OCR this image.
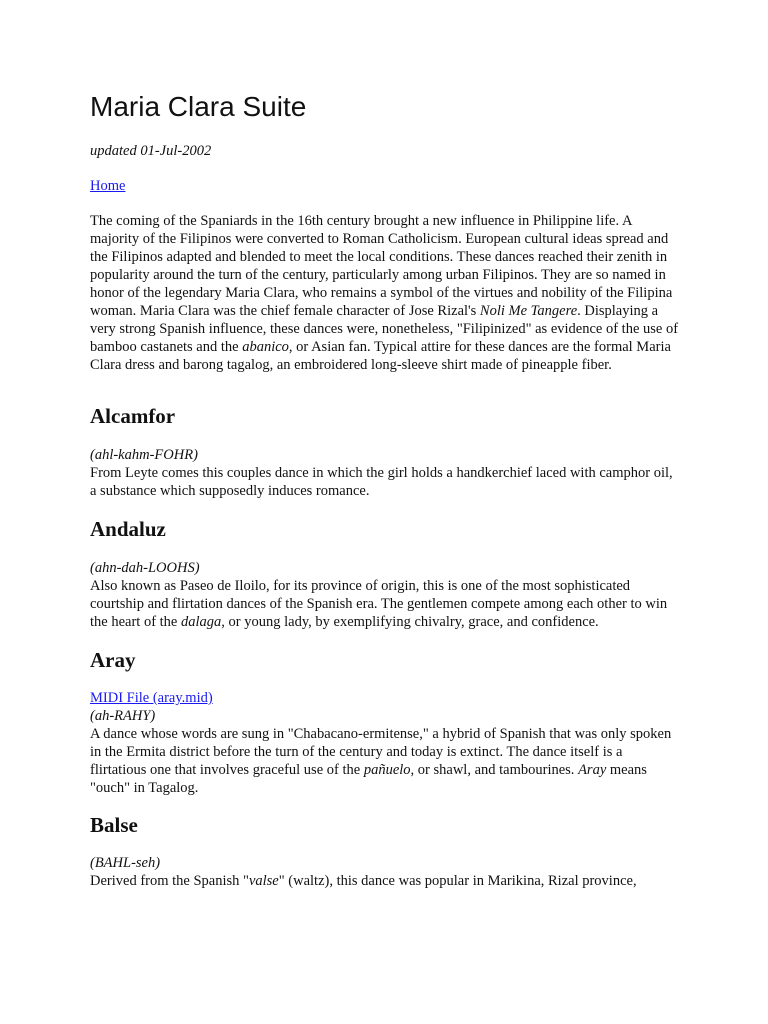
Maria Clara Suite
updated 01-Jul-2002
Home

The coming of the Spaniards in the 16th century brought a new influence in Philippine life. A majority of the Filipinos were converted to Roman Catholicism. European cultural ideas spread and the Filipinos adapted and blended to meet the local conditions. These dances reached their zenith in popularity around the turn of the century, particularly among urban Filipinos. They are so named in honor of the legendary Maria Clara, who remains a symbol of the virtues and nobility of the Filipina woman. Maria Clara was the chief female character of Jose Rizal's Noli Me Tangere. Displaying a very strong Spanish influence, these dances were, nonetheless, "Filipinized" as evidence of the use of bamboo castanets and the abanico, or Asian fan. Typical attire for these dances are the formal Maria Clara dress and barong tagalog, an embroidered long-sleeve shirt made of pineapple fiber.

Alcamfor
(ahl-kahm-FOHR)
From Leyte comes this couples dance in which the girl holds a handkerchief laced with camphor oil, a substance which supposedly induces romance.
Andaluz
(ahn-dah-LOOHS)
Also known as Paseo de Iloilo, for its province of origin, this is one of the most sophisticated courtship and flirtation dances of the Spanish era. The gentlemen compete among each other to win the heart of the dalaga, or young lady, by exemplifying chivalry, grace, and confidence.
Aray
MIDI File (aray.mid)
(ah-RAHY)
A dance whose words are sung in "Chabacano-ermitense," a hybrid of Spanish that was only spoken in the Ermita district before the turn of the century and today is extinct. The dance itself is a flirtatious one that involves graceful use of the pañuelo, or shawl, and tambourines. Aray means "ouch" in Tagalog.
Balse
(BAHL-seh)
Derived from the Spanish "valse" (waltz), this dance was popular in Marikina, Rizal province,
